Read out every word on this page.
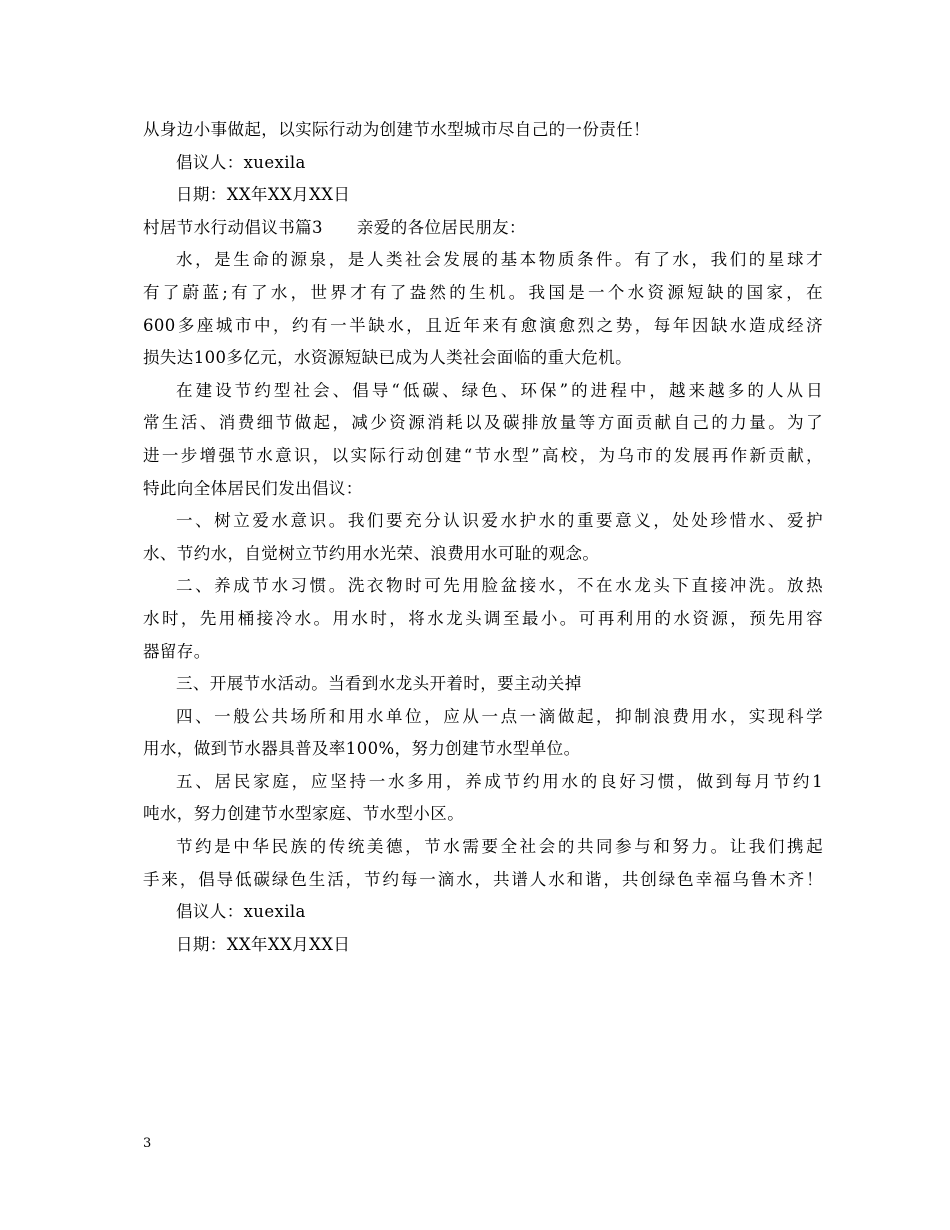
从身边小事做起，以实际行动为创建节水型城市尽自己的一份责任！
倡议人：xuexila
日期：XX年XX月XX日
村居节水行动倡议书篇3 亲爱的各位居民朋友：
水，是生命的源泉，是人类社会发展的基本物质条件。有了水，我们的星球才
有了蔚蓝;有了水，世界才有了盎然的生机。我国是一个水资源短缺的国家，在
600多座城市中，约有一半缺水，且近年来有愈演愈烈之势，每年因缺水造成经济
损失达100多亿元，水资源短缺已成为人类社会面临的重大危机。
在建设节约型社会、倡导“低碳、绿色、环保”的进程中，越来越多的人从日
常生活、消费细节做起，减少资源消耗以及碳排放量等方面贡献自己的力量。为了
进一步增强节水意识，以实际行动创建“节水型”高校，为乌市的发展再作新贡献，
特此向全体居民们发出倡议：
一、树立爱水意识。我们要充分认识爱水护水的重要意义，处处珍惜水、爱护
水、节约水，自觉树立节约用水光荣、浪费用水可耻的观念。
二、养成节水习惯。洗衣物时可先用脸盆接水，不在水龙头下直接冲洗。放热
水时，先用桶接冷水。用水时，将水龙头调至最小。可再利用的水资源，预先用容
器留存。
三、开展节水活动。当看到水龙头开着时，要主动关掉
四、一般公共场所和用水单位，应从一点一滴做起，抑制浪费用水，实现科学
用水，做到节水器具普及率100%，努力创建节水型单位。
五、居民家庭，应坚持一水多用，养成节约用水的良好习惯，做到每月节约1
吨水，努力创建节水型家庭、节水型小区。
节约是中华民族的传统美德，节水需要全社会的共同参与和努力。让我们携起
手来，倡导低碳绿色生活，节约每一滴水，共谱人水和谐，共创绿色幸福乌鲁木齐！
倡议人：xuexila
日期：XX年XX月XX日
3
